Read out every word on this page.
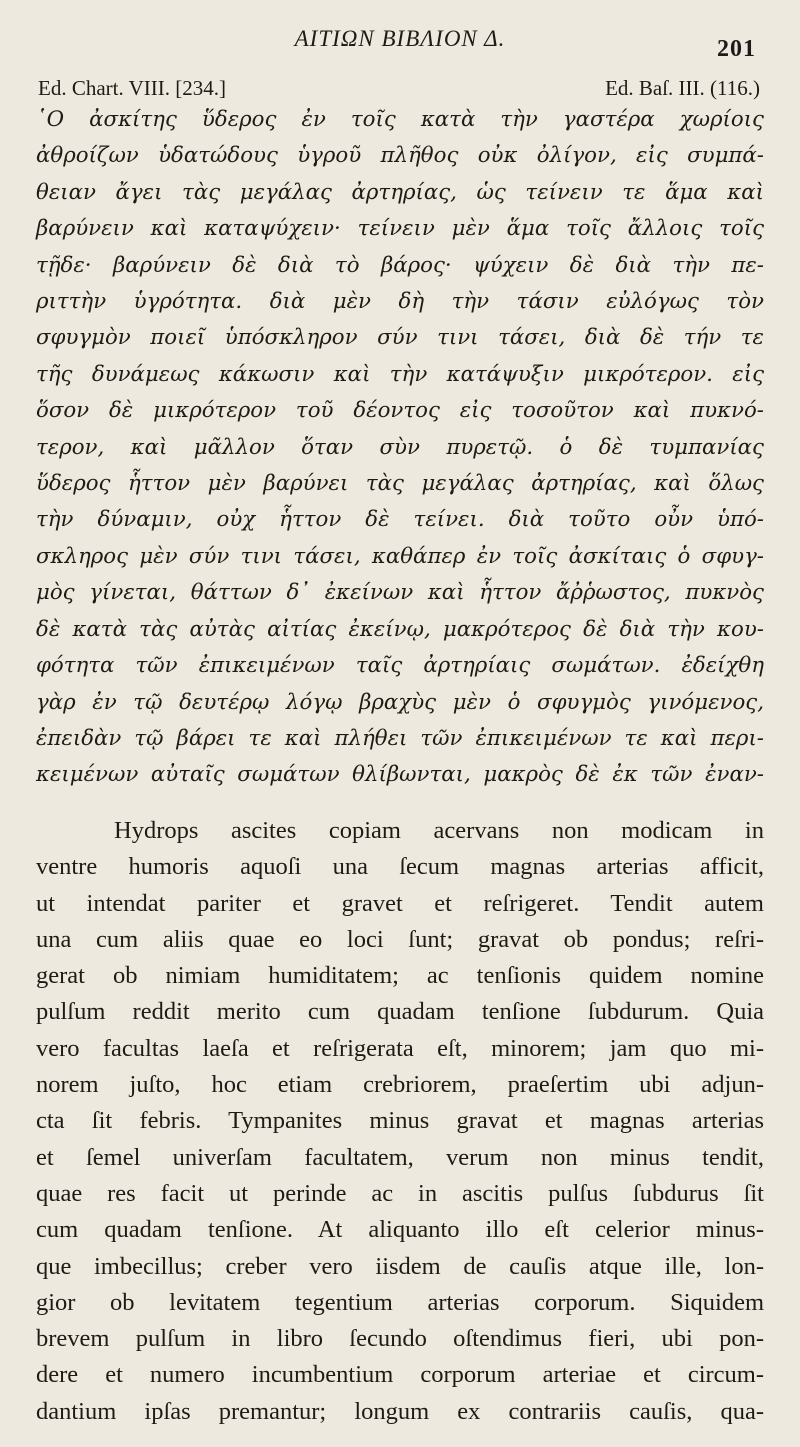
ΑΙΤΙΩΝ ΒΙΒΛΙΟΝ Δ.	201
Ed. Chart. VIII. [234.]	Ed. Baſ. III. (116.)
῾Ο ἀσκίτης ὕδερος ἐν τοῖς κατὰ τὴν γαστέρα χωρίοις
ἀθροίζων ὑδατώδους ὑγροῦ πλῆθος οὐκ ὀλίγον, εἰς συμπά-
θειαν ἄγει τὰς μεγάλας ἀρτηρίας, ὡς τείνειν τε ἅμα καὶ
βαρύνειν καὶ καταψύχειν· τείνειν μὲν ἅμα τοῖς ἄλλοις τοῖς
τῇδε· βαρύνειν δὲ διὰ τὸ βάρος· ψύχειν δὲ διὰ τὴν πε-
ριττὴν ὑγρότητα. διὰ μὲν δὴ τὴν τάσιν εὐλόγως τὸν
σφυγμὸν ποιεῖ ὑπόσκληρον σύν τινι τάσει, διὰ δὲ τήν τε
τῆς δυνάμεως κάκωσιν καὶ τὴν κατάψυξιν μικρότερον. εἰς
ὅσον δὲ μικρότερον τοῦ δέοντος εἰς τοσοῦτον καὶ πυκνό-
τερον, καὶ μᾶλλον ὅταν σὺν πυρετῷ. ὁ δὲ τυμπανίας
ὕδερος ἧττον μὲν βαρύνει τὰς μεγάλας ἀρτηρίας, καὶ ὅλως
τὴν δύναμιν, οὐχ ἧττον δὲ τείνει. διὰ τοῦτο οὖν ὑπό-
σκληρος μὲν σύν τινι τάσει, καθάπερ ἐν τοῖς ἀσκίταις ὁ σφυγ-
μὸς γίνεται, θάττων δ᾿ ἐκείνων καὶ ἧττον ἄῤῥωστος, πυκνὸς
δὲ κατὰ τὰς αὐτὰς αἰτίας ἐκείνῳ, μακρότερος δὲ διὰ τὴν κου-
φότητα τῶν ἐπικειμένων ταῖς ἀρτηρίαις σωμάτων. ἐδείχθη
γὰρ ἐν τῷ δευτέρῳ λόγῳ βραχὺς μὲν ὁ σφυγμὸς γινόμενος,
ἐπειδὰν τῷ βάρει τε καὶ πλήθει τῶν ἐπικειμένων τε καὶ περι-
κειμένων αὐταῖς σωμάτων θλίβωνται, μακρὸς δὲ ἐκ τῶν ἐναν-
Hydrops ascites copiam acervans non modicam in
ventre humoris aquoſi una ſecum magnas arterias afficit,
ut intendat pariter et gravet et reſrigeret. Tendit autem
una cum aliis quae eo loci ſunt; gravat ob pondus; reſri-
gerat ob nimiam humiditatem; ac tenſionis quidem nomine
pulſum reddit merito cum quadam tenſione ſubdurum. Quia
vero facultas laeſa et reſrigerata eſt, minorem; jam quo mi-
norem juſto, hoc etiam crebriorem, praeſertim ubi adjun-
cta ſit febris. Tympanites minus gravat et magnas arterias
et ſemel univerſam facultatem, verum non minus tendit,
quae res facit ut perinde ac in ascitis pulſus ſubdurus ſit
cum quadam tenſione. At aliquanto illo eſt celerior minus-
que imbecillus; creber vero iisdem de cauſis atque ille, lon-
gior ob levitatem tegentium arterias corporum. Siquidem
brevem pulſum in libro ſecundo oſtendimus fieri, ubi pon-
dere et numero incumbentium corporum arteriae et circum-
dantium ipſas premantur; longum ex contrariis cauſis, qua-
